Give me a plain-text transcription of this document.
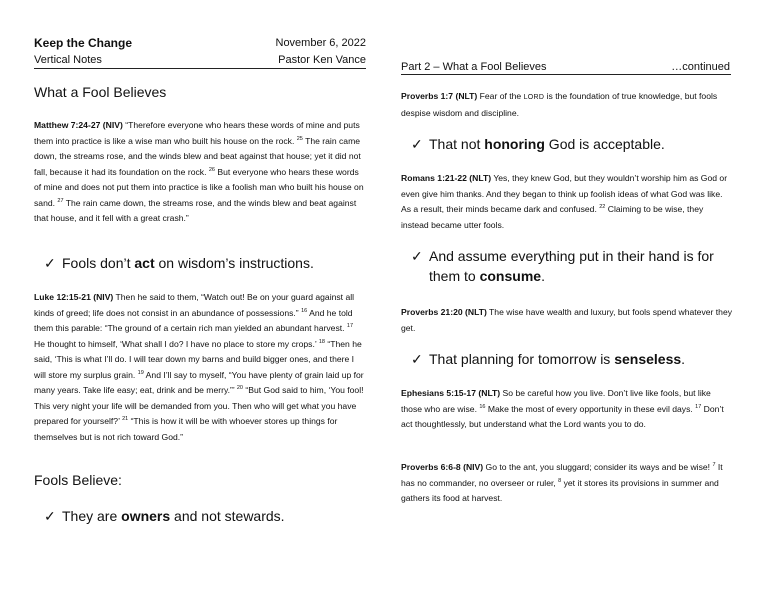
Keep the Change	November 6, 2022
Vertical Notes	Pastor Ken Vance
What a Fool Believes
Matthew 7:24-27 (NIV) “Therefore everyone who hears these words of mine and puts them into practice is like a wise man who built his house on the rock. $^{25}$ The rain came down, the streams rose, and the winds blew and beat against that house; yet it did not fall, because it had its foundation on the rock. $^{26}$ But everyone who hears these words of mine and does not put them into practice is like a foolish man who built his house on sand. $^{27}$ The rain came down, the streams rose, and the winds blew and beat against that house, and it fell with a great crash.”
✓ Fools don’t act on wisdom’s instructions.
Luke 12:15-21 (NIV) Then he said to them, “Watch out! Be on your guard against all kinds of greed; life does not consist in an abundance of possessions.” $^{16}$ And he told them this parable: “The ground of a certain rich man yielded an abundant harvest. $^{17}$ He thought to himself, ‘What shall I do? I have no place to store my crops.’ $^{18}$ “Then he said, ‘This is what I’ll do. I will tear down my barns and build bigger ones, and there I will store my surplus grain. $^{19}$ And I’ll say to myself, “You have plenty of grain laid up for many years. Take life easy; eat, drink and be merry.”’ $^{20}$ “But God said to him, ‘You fool! This very night your life will be demanded from you. Then who will get what you have prepared for yourself?’ $^{21}$ “This is how it will be with whoever stores up things for themselves but is not rich toward God.”
Fools Believe:
✓ They are owners and not stewards.
Part 2 – What a Fool Believes	…continued
Proverbs 1:7 (NLT) Fear of the LORD is the foundation of true knowledge, but fools despise wisdom and discipline.
✓ That not honoring God is acceptable.
Romans 1:21-22 (NLT) Yes, they knew God, but they wouldn’t worship him as God or even give him thanks. And they began to think up foolish ideas of what God was like. As a result, their minds became dark and confused. $^{22}$ Claiming to be wise, they instead became utter fools.
✓ And assume everything put in their hand is for them to consume.
Proverbs 21:20 (NLT) The wise have wealth and luxury, but fools spend whatever they get.
✓ That planning for tomorrow is senseless.
Ephesians 5:15-17 (NLT) So be careful how you live. Don’t live like fools, but like those who are wise. $^{16}$ Make the most of every opportunity in these evil days. $^{17}$ Don’t act thoughtlessly, but understand what the Lord wants you to do.
Proverbs 6:6-8 (NIV) Go to the ant, you sluggard; consider its ways and be wise! $^7$ It has no commander, no overseer or ruler, $^8$ yet it stores its provisions in summer and gathers its food at harvest.
